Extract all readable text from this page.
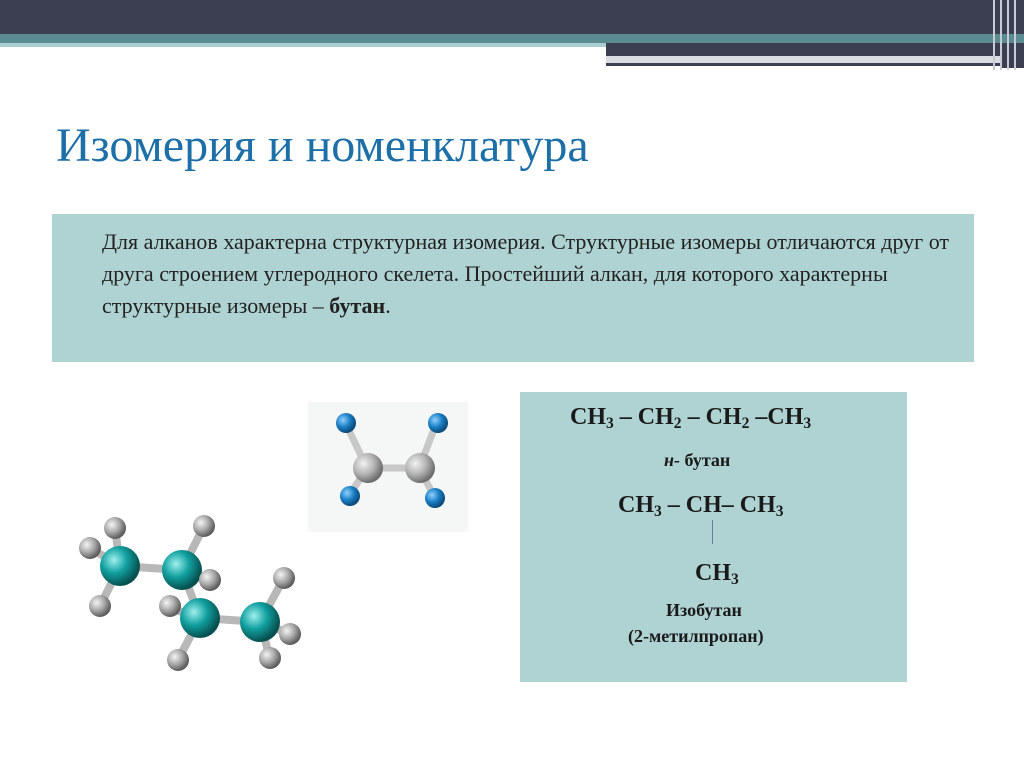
Изомерия и номенклатура
Для алканов характерна структурная изомерия. Структурные изомеры отличаются друг от друга строением углеродного скелета. Простейший алкан, для которого характерны структурные изомеры – бутан.
$CH_3 - CH_2 - CH_2$ $-CH_3$
н- бутан
$CH_3 - CH-$ $CH_3$
$CH_3$
Изобутан
(2-метилпропан)
